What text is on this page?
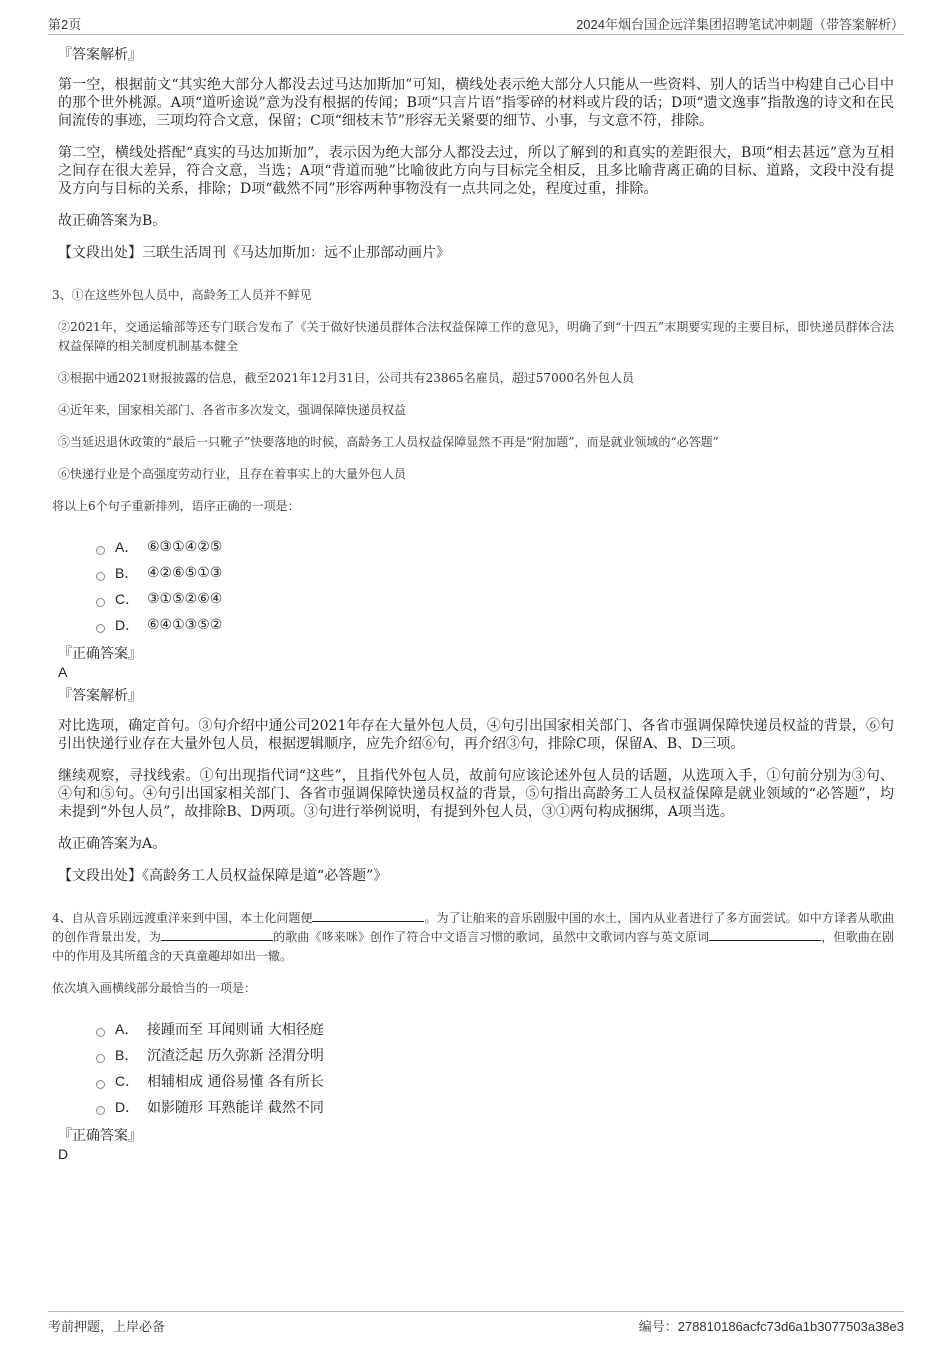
第2页	2024年烟台国企远洋集团招聘笔试冲刺题（带答案解析）
『答案解析』

第一空，根据前文“其实绝大部分人都没去过马达加斯加”可知，横线处表示绝大部分人只能从一些资料、别人的话当中构建自己心目中的那个世外桃源。A项“道听途说”意为没有根据的传闻；B项“只言片语”指零碎的材料或片段的话；D项“遗文逸事”指散逸的诗文和在民间流传的事迹，三项均符合文意，保留；C项“细枝末节”形容无关紧要的细节、小事，与文意不符，排除。

第二空，横线处搭配“真实的马达加斯加”，表示因为绝大部分人都没去过，所以了解到的和真实的差距很大，B项“相去甚远”意为互相之间存在很大差异，符合文意，当选；A项“背道而驰”比喻彼此方向与目标完全相反，且多比喻背离正确的目标、道路，文段中没有提及方向与目标的关系，排除；D项“截然不同”形容两种事物没有一点共同之处，程度过重，排除。

故正确答案为B。

【文段出处】三联生活周刊《马达加斯加：远不止那部动画片》

3、①在这些外包人员中，高龄务工人员并不鲜见

②2021年，交通运输部等还专门联合发布了《关于做好快递员群体合法权益保障工作的意见》，明确了到“十四五”末期要实现的主要目标，即快递员群体合法权益保障的相关制度机制基本健全

③根据中通2021财报披露的信息，截至2021年12月31日，公司共有23865名雇员，超过57000名外包人员

④近年来，国家相关部门、各省市多次发文，强调保障快递员权益

⑤当延迟退休政策的“最后一只靴子”快要落地的时候，高龄务工人员权益保障显然不再是“附加题”，而是就业领域的“必答题”

⑥快递行业是个高强度劳动行业，且存在着事实上的大量外包人员

将以上6个句子重新排列，语序正确的一项是：

A． ⑥③①④②⑤
B． ④②⑥⑤①③
C． ③①⑤②⑥④
D． ⑥④①③⑤②
『正确答案』
A
『答案解析』

对比选项，确定首句。③句介绍中通公司2021年存在大量外包人员，④句引出国家相关部门、各省市强调保障快递员权益的背景，⑥句引出快递行业存在大量外包人员，根据逻辑顺序，应先介绍⑥句，再介绍③句，排除C项，保留A、B、D三项。

继续观察，寻找线索。①句出现指代词“这些”，且指代外包人员，故前句应该论述外包人员的话题，从选项入手，①句前分别为③句、④句和⑤句。④句引出国家相关部门、各省市强调保障快递员权益的背景，⑤句指出高龄务工人员权益保障是就业领域的“必答题”，均未提到“外包人员”，故排除B、D两项。③句进行举例说明，有提到外包人员，③①两句构成捆绑，A项当选。

故正确答案为A。

【文段出处】《高龄务工人员权益保障是道“必答题”》

4、自从音乐剧远渡重洋来到中国，本土化问题便	。为了让舶来的音乐剧服中国的水土，国内从业者进行了多方面尝试。如中方译者从歌曲的创作背景出发，为	的歌曲《哆来咪》创作了符合中文语言习惯的歌词，虽然中文歌词内容与英文原词	，但歌曲在剧中的作用及其所蕴含的天真童趣却如出一辙。

依次填入画横线部分最恰当的一项是：

A． 接踵而至 耳闻则诵 大相径庭
B． 沉渣泛起 历久弥新 泾渭分明
C． 相辅相成 通俗易懂 各有所长
D． 如影随形 耳熟能详 截然不同
『正确答案』
D
考前押题，上岸必备	编号：278810186acfc73d6a1b3077503a38e3
